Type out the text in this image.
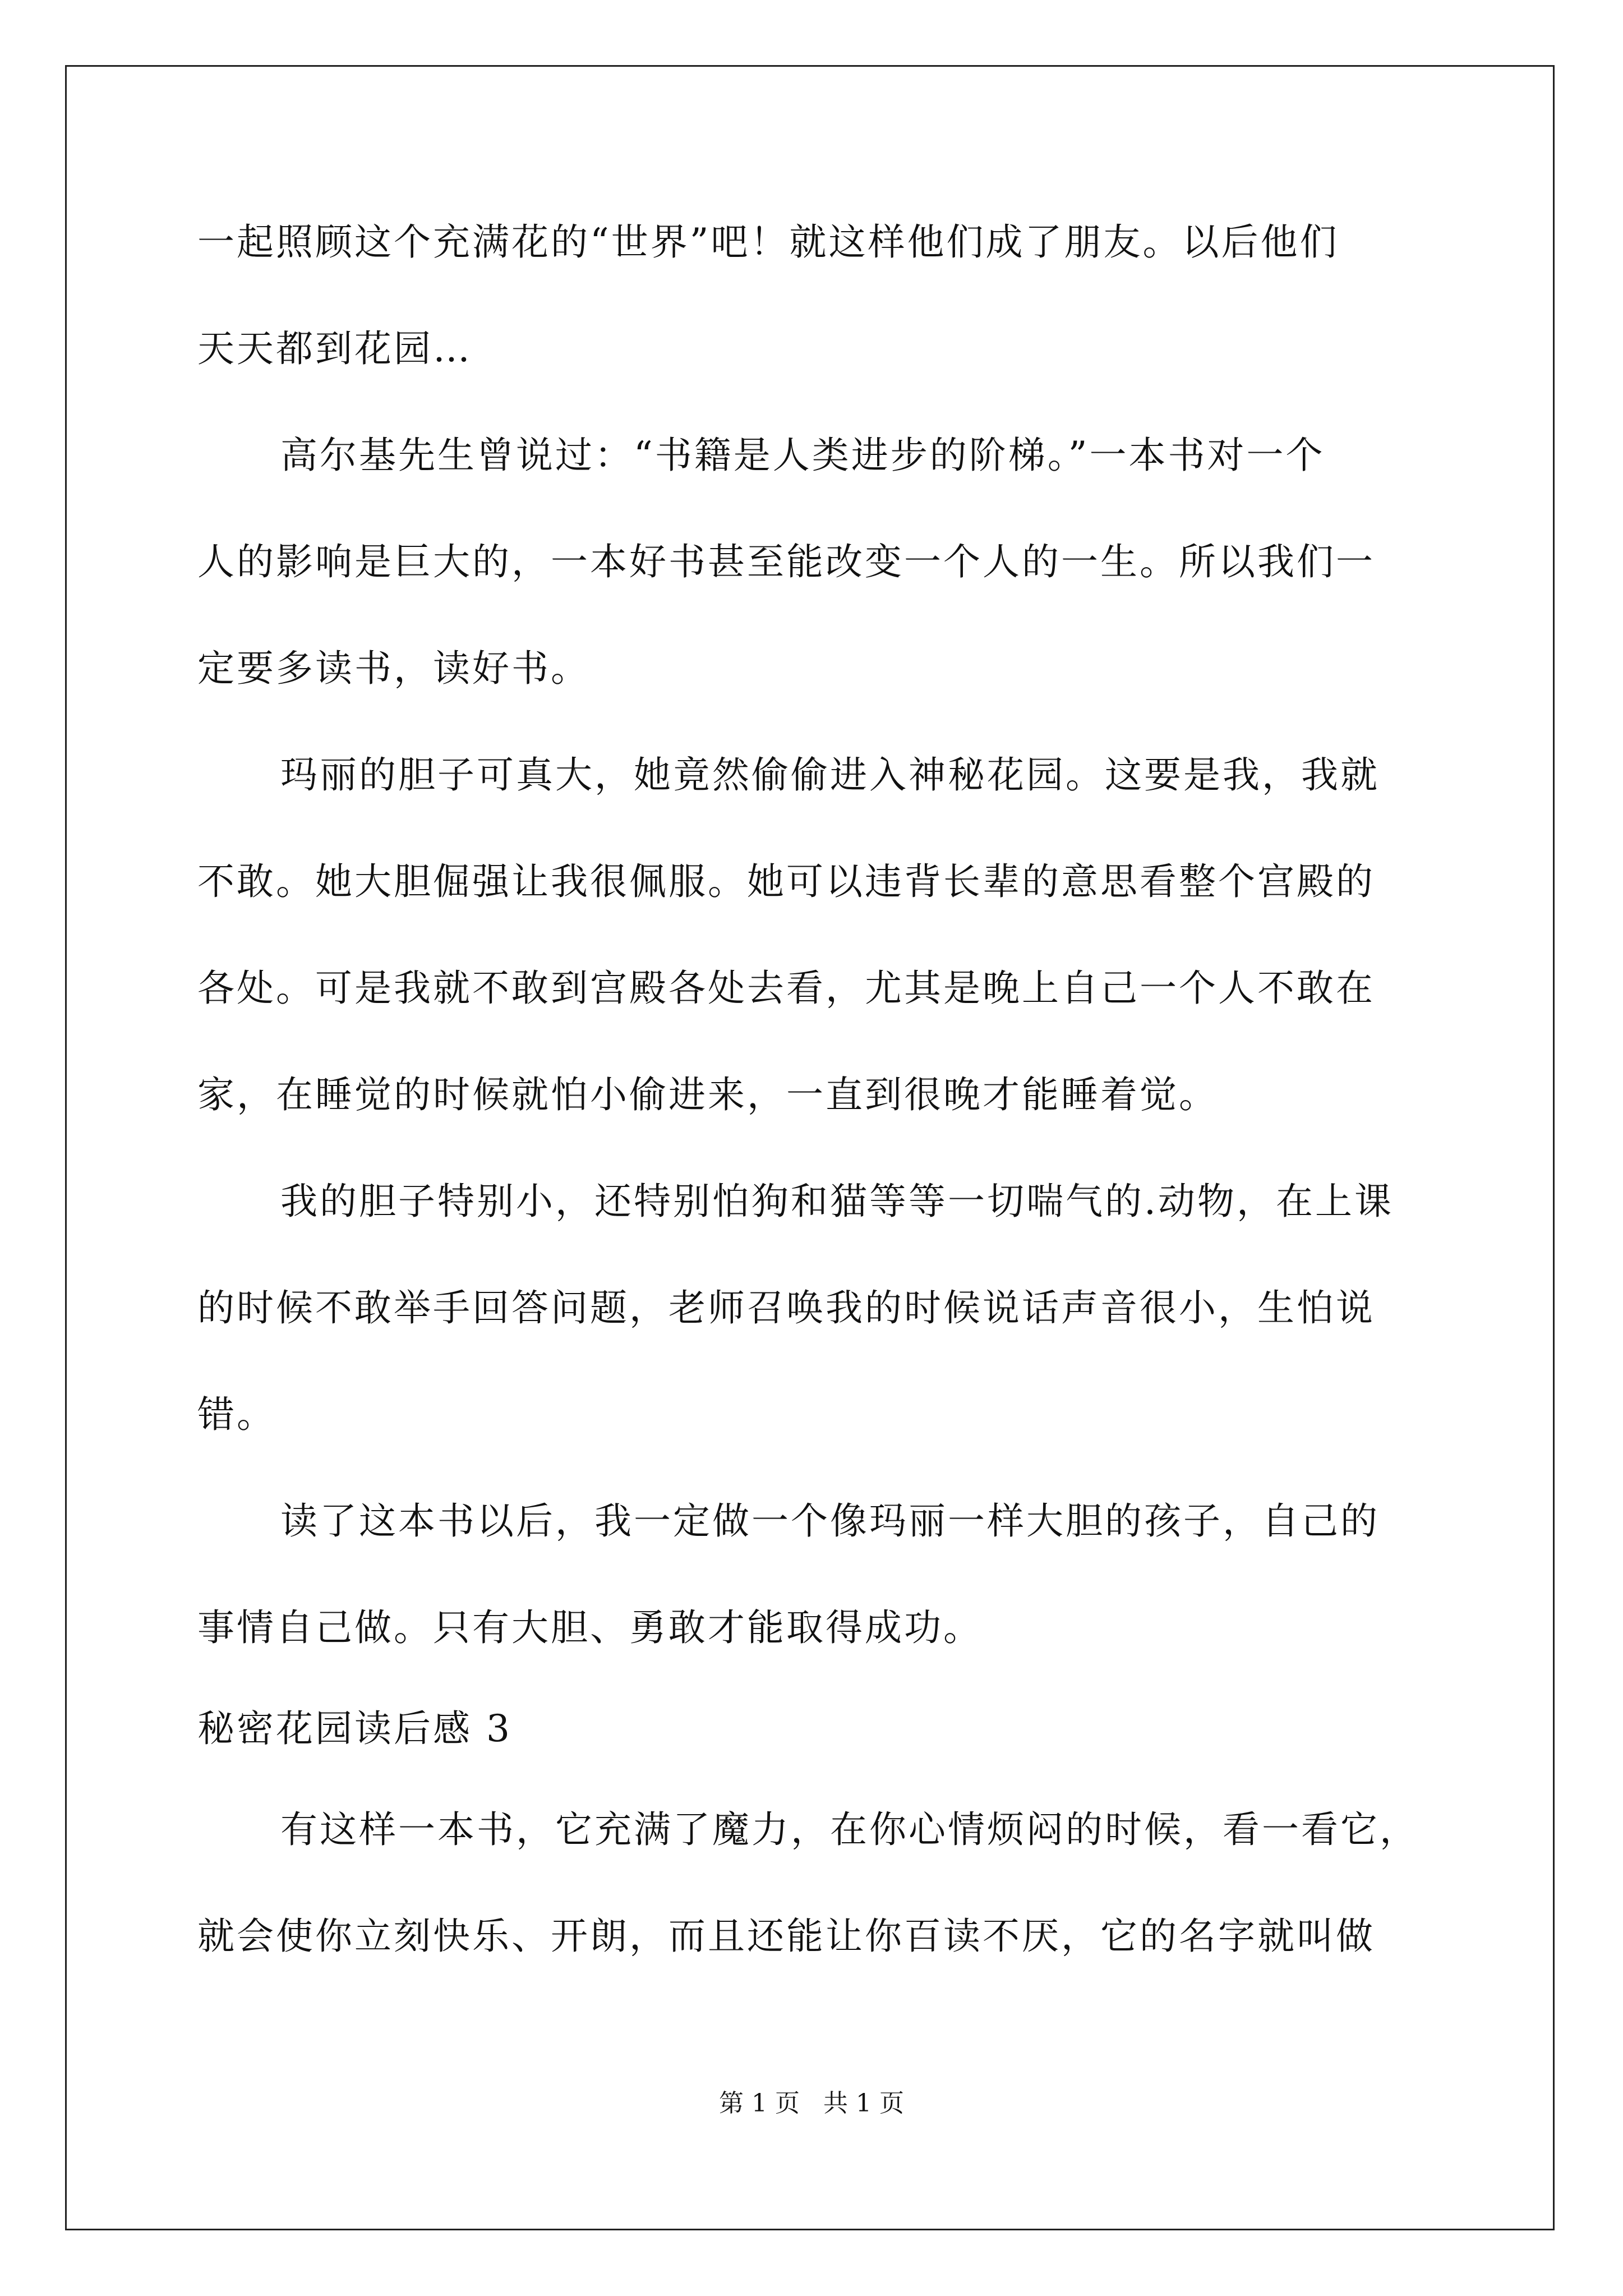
一起照顾这个充满花的“世界”吧！就这样他们成了朋友。以后他们
天天都到花园…
高尔基先生曾说过：“书籍是人类进步的阶梯。”一本书对一个
人的影响是巨大的，一本好书甚至能改变一个人的一生。所以我们一
定要多读书，读好书。
玛丽的胆子可真大，她竟然偷偷进入神秘花园。这要是我，我就
不敢。她大胆倔强让我很佩服。她可以违背长辈的意思看整个宫殿的
各处。可是我就不敢到宫殿各处去看，尤其是晚上自己一个人不敢在
家，在睡觉的时候就怕小偷进来，一直到很晚才能睡着觉。
我的胆子特别小，还特别怕狗和猫等等一切喘气的.动物，在上课
的时候不敢举手回答问题，老师召唤我的时候说话声音很小，生怕说
错。
读了这本书以后，我一定做一个像玛丽一样大胆的孩子，自己的
事情自己做。只有大胆、勇敢才能取得成功。
秘密花园读后感 3
有这样一本书，它充满了魔力，在你心情烦闷的时候，看一看它，
就会使你立刻快乐、开朗，而且还能让你百读不厌，它的名字就叫做
第 1 页 共 1 页
